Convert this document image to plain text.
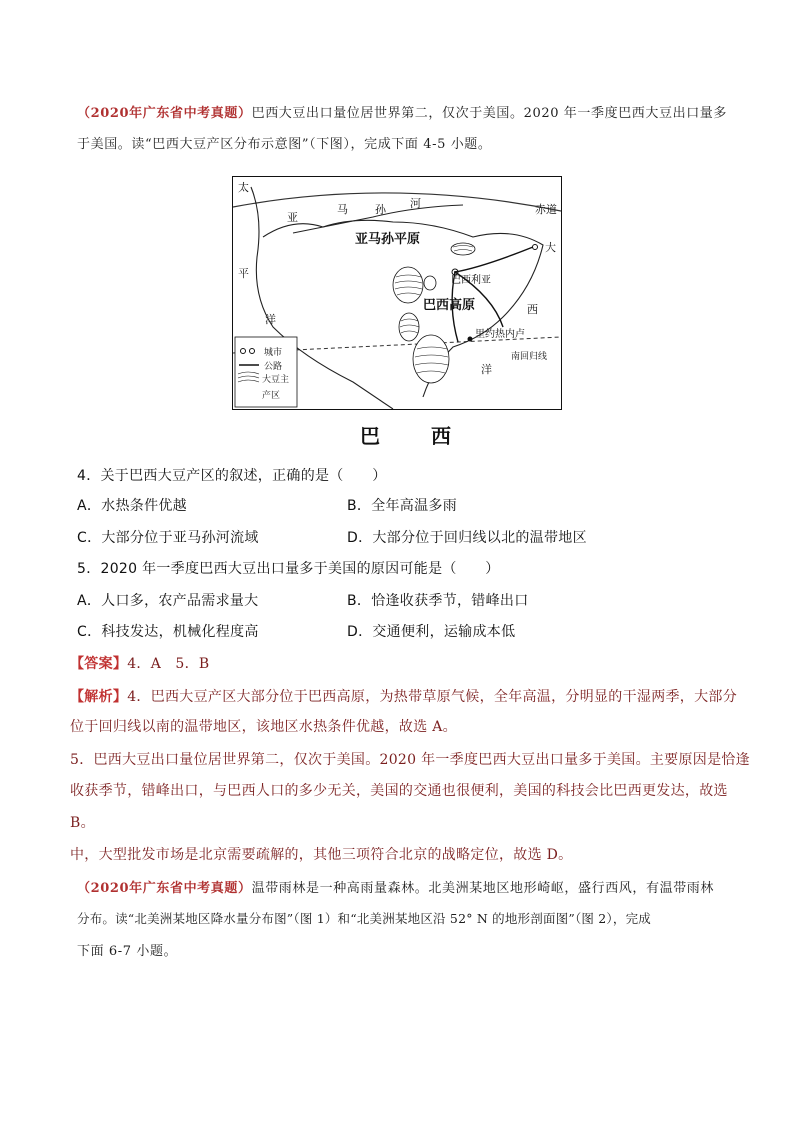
（2020年广东省中考真题）巴西大豆出口量位居世界第二，仅次于美国。2020 年一季度巴西大豆出口量多
于美国。读“巴西大豆产区分布示意图”（下图），完成下面 4-5 小题。
太
平
洋
亚
马 孙 河	赤道
大
西
洋
亚马孙平原
巴西利亚
巴西高原
里约热内卢
南回归线
城市
公路
大豆主
产区
巴 西
4．关于巴西大豆产区的叙述，正确的是（　　）
A．水热条件优越	B．全年高温多雨
C．大部分位于亚马孙河流域	D．大部分位于回归线以北的温带地区
5．2020 年一季度巴西大豆出口量多于美国的原因可能是（　　）
A．人口多，农产品需求量大	B．恰逢收获季节，错峰出口
C．科技发达，机械化程度高	D．交通便利，运输成本低
【答案】4．A　5．B
【解析】4．巴西大豆产区大部分位于巴西高原，为热带草原气候，全年高温，分明显的干湿两季，大部分
位于回归线以南的温带地区，该地区水热条件优越，故选 A。
5．巴西大豆出口量位居世界第二，仅次于美国。2020 年一季度巴西大豆出口量多于美国。主要原因是恰逢
收获季节，错峰出口，与巴西人口的多少无关，美国的交通也很便利，美国的科技会比巴西更发达，故选
B。
中，大型批发市场是北京需要疏解的，其他三项符合北京的战略定位，故选 D。
（2020年广东省中考真题）温带雨林是一种高雨量森林。北美洲某地区地形崎岖，盛行西风，有温带雨林
分布。读“北美洲某地区降水量分布图”（图 1）和“北美洲某地区沿 52° N 的地形剖面图”（图 2），完成
下面 6-7 小题。
